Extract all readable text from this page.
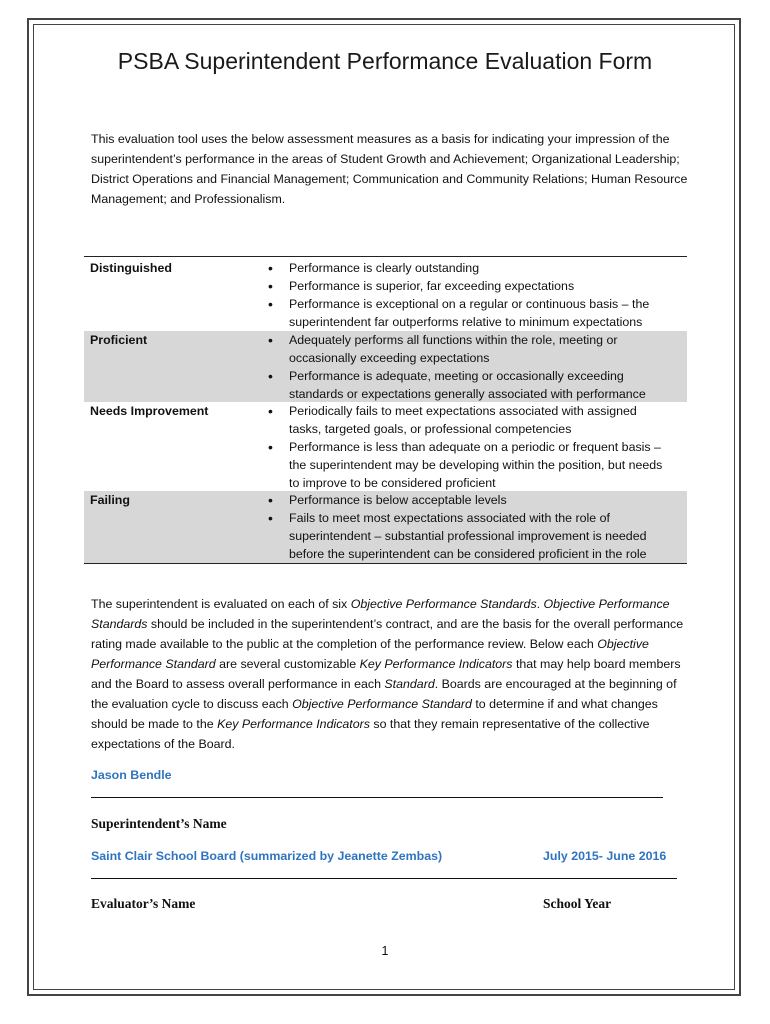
PSBA Superintendent Performance Evaluation Form
This evaluation tool uses the below assessment measures as a basis for indicating your impression of the superintendent’s performance in the areas of Student Growth and Achievement; Organizational Leadership; District Operations and Financial Management; Communication and Community Relations; Human Resource Management; and Professionalism.
Distinguished	• Performance is clearly outstanding
• Performance is superior, far exceeding expectations
• Performance is exceptional on a regular or continuous basis – the superintendent far outperforms relative to minimum expectations
Proficient	• Adequately performs all functions within the role, meeting or occasionally exceeding expectations
• Performance is adequate, meeting or occasionally exceeding standards or expectations generally associated with performance
Needs Improvement	• Periodically fails to meet expectations associated with assigned tasks, targeted goals, or professional competencies
• Performance is less than adequate on a periodic or frequent basis – the superintendent may be developing within the position, but needs to improve to be considered proficient
Failing	• Performance is below acceptable levels
• Fails to meet most expectations associated with the role of superintendent – substantial professional improvement is needed before the superintendent can be considered proficient in the role
The superintendent is evaluated on each of six Objective Performance Standards. Objective Performance Standards should be included in the superintendent’s contract, and are the basis for the overall performance rating made available to the public at the completion of the performance review. Below each Objective Performance Standard are several customizable Key Performance Indicators that may help board members and the Board to assess overall performance in each Standard. Boards are encouraged at the beginning of the evaluation cycle to discuss each Objective Performance Standard to determine if and what changes should be made to the Key Performance Indicators so that they remain representative of the collective expectations of the Board.
Jason Bendle
Superintendent’s Name
Saint Clair School Board (summarized by Jeanette Zembas)	July 2015- June 2016
Evaluator’s Name	School Year
1
